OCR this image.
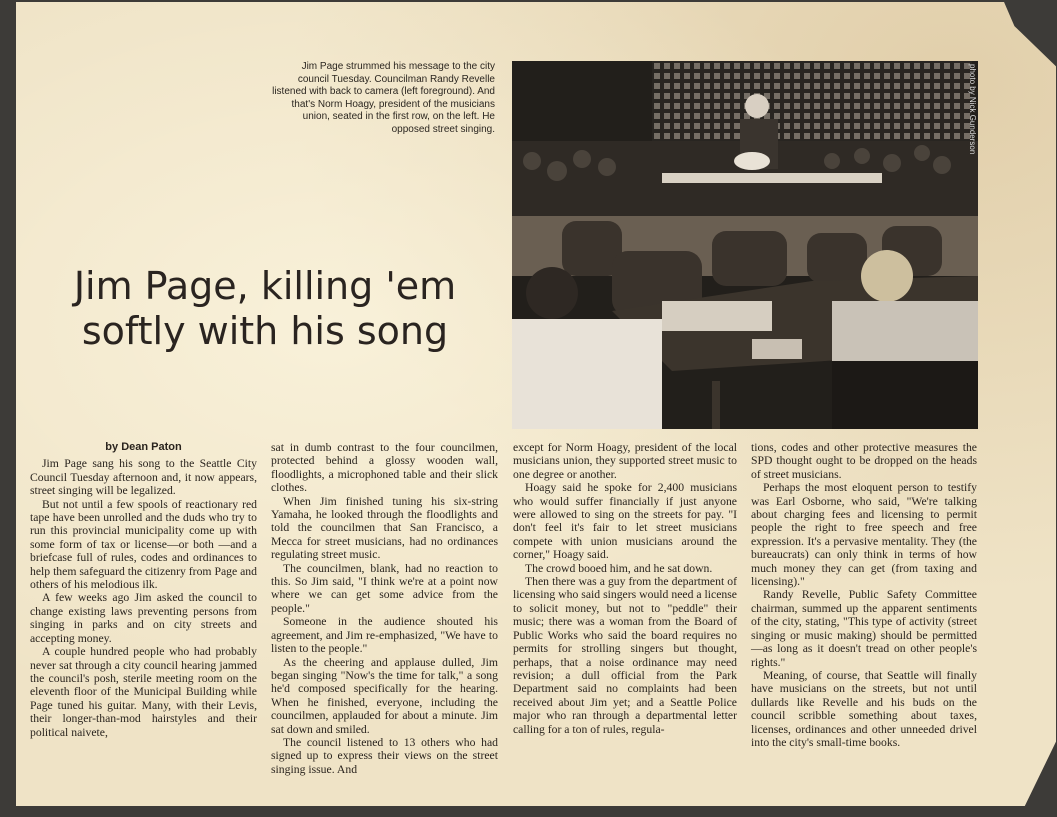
Jim Page strummed his message to the city council Tuesday. Councilman Randy Revelle listened with back to camera (left foreground). And that's Norm Hoagy, president of the musicians union, seated in the first row, on the left. He opposed street singing.	photo by Nick Gunderson
Jim Page, killing 'em softly with his song
by Dean Paton

Jim Page sang his song to the Seattle City Council Tuesday afternoon and, it now appears, street singing will be legalized.

But not until a few spools of reactionary red tape have been unrolled and the duds who try to run this provincial municipality come up with some form of tax or license—or both —and a briefcase full of rules, codes and ordinances to help them safeguard the citizenry from Page and others of his melodious ilk.

A few weeks ago Jim asked the council to change existing laws preventing persons from singing in parks and on city streets and accepting money.

A couple hundred people who had probably never sat through a city council hearing jammed the council's posh, sterile meeting room on the eleventh floor of the Municipal Building while Page tuned his guitar. Many, with their Levis, their longer-than-mod hairstyles and their political naivete,

sat in dumb contrast to the four councilmen, protected behind a glossy wooden wall, floodlights, a microphoned table and their slick clothes.

When Jim finished tuning his six-string Yamaha, he looked through the floodlights and told the councilmen that San Francisco, a Mecca for street musicians, had no ordinances regulating street music.

The councilmen, blank, had no reaction to this. So Jim said, "I think we're at a point now where we can get some advice from the people."

Someone in the audience shouted his agreement, and Jim re-emphasized, "We have to listen to the people."

As the cheering and applause dulled, Jim began singing "Now's the time for talk," a song he'd composed specifically for the hearing. When he finished, everyone, including the councilmen, applauded for about a minute. Jim sat down and smiled.

The council listened to 13 others who had signed up to express their views on the street singing issue. And

except for Norm Hoagy, president of the local musicians union, they supported street music to one degree or another.

Hoagy said he spoke for 2,400 musicians who would suffer financially if just anyone were allowed to sing on the streets for pay. "I don't feel it's fair to let street musicians compete with union musicians around the corner," Hoagy said.

The crowd booed him, and he sat down.

Then there was a guy from the department of licensing who said singers would need a license to solicit money, but not to "peddle" their music; there was a woman from the Board of Public Works who said the board requires no permits for strolling singers but thought, perhaps, that a noise ordinance may need revision; a dull official from the Park Department said no complaints had been received about Jim yet; and a Seattle Police major who ran through a departmental letter calling for a ton of rules, regula-

tions, codes and other protective measures the SPD thought ought to be dropped on the heads of street musicians.

Perhaps the most eloquent person to testify was Earl Osborne, who said, "We're talking about charging fees and licensing to permit people the right to free speech and free expression. It's a pervasive mentality. They (the bureaucrats) can only think in terms of how much money they can get (from taxing and licensing)."

Randy Revelle, Public Safety Committee chairman, summed up the apparent sentiments of the city, stating, "This type of activity (street singing or music making) should be permitted—as long as it doesn't tread on other people's rights."

Meaning, of course, that Seattle will finally have musicians on the streets, but not until dullards like Revelle and his buds on the council scribble something about taxes, licenses, ordinances and other unneeded drivel into the city's small-time books.
